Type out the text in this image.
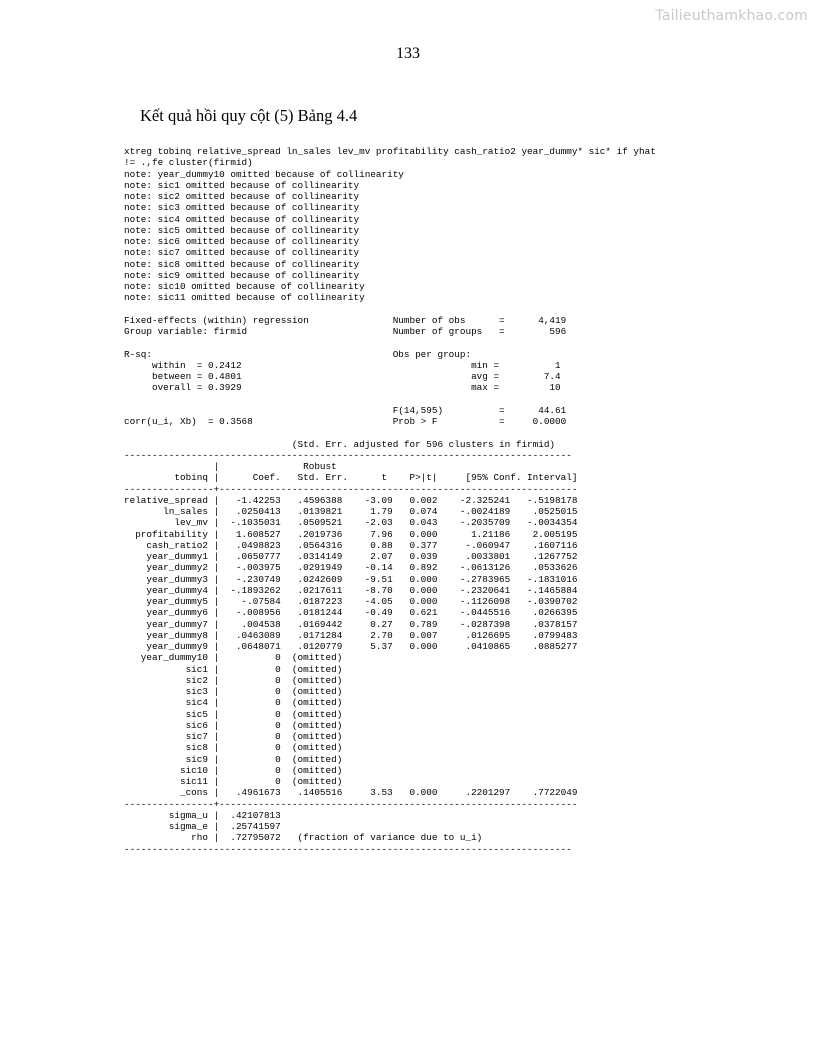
Tailieuthamkhao.com
133
Kết quả hồi quy cột (5) Bảng 4.4
xtreg tobinq relative_spread ln_sales lev_mv profitability cash_ratio2 year_dummy* sic* if yhat
!= .,fe cluster(firmid)
note: year_dummy10 omitted because of collinearity
note: sic1 omitted because of collinearity
note: sic2 omitted because of collinearity
note: sic3 omitted because of collinearity
note: sic4 omitted because of collinearity
note: sic5 omitted because of collinearity
note: sic6 omitted because of collinearity
note: sic7 omitted because of collinearity
note: sic8 omitted because of collinearity
note: sic9 omitted because of collinearity
note: sic10 omitted because of collinearity
note: sic11 omitted because of collinearity

Fixed-effects (within) regression               Number of obs      =      4,419
Group variable: firmid                          Number of groups   =        596

R-sq:                                           Obs per group:
within  = 0.2412                                         min =          1
between = 0.4801                                         avg =        7.4
overall = 0.3929                                         max =         10

F(14,595)          =      44.61
corr(u_i, Xb)  = 0.3568                         Prob > F           =     0.0000

(Std. Err. adjusted for 596 clusters in firmid)
--------------------------------------------------------------------------------
|               Robust
tobinq |      Coef.   Std. Err.      t    P>|t|     [95% Conf. Interval]
----------------+----------------------------------------------------------------
relative_spread |   -1.42253   .4596388    -3.09   0.002    -2.325241   -.5198178
ln_sales |   .0250413   .0139821     1.79   0.074    -.0024189    .0525015
lev_mv |  -.1035031   .0509521    -2.03   0.043    -.2035709   -.0034354
profitability |   1.608527   .2019736     7.96   0.000      1.21186    2.005195
cash_ratio2 |   .0498823   .0564316     0.88   0.377     -.060947    .1607116
year_dummy1 |   .0650777   .0314149     2.07   0.039     .0033801    .1267752
year_dummy2 |   -.003975   .0291949    -0.14   0.892    -.0613126    .0533626
year_dummy3 |   -.230749   .0242609    -9.51   0.000    -.2783965   -.1831016
year_dummy4 |  -.1893262   .0217611    -8.70   0.000    -.2320641   -.1465884
year_dummy5 |    -.07584   .0187223    -4.05   0.000    -.1126098   -.0390702
year_dummy6 |   -.008956   .0181244    -0.49   0.621    -.0445516    .0266395
year_dummy7 |    .004538   .0169442     0.27   0.789    -.0287398    .0378157
year_dummy8 |   .0463089   .0171284     2.70   0.007     .0126695    .0799483
year_dummy9 |   .0648071   .0120779     5.37   0.000     .0410865    .0885277
year_dummy10 |          0  (omitted)
sic1 |          0  (omitted)
sic2 |          0  (omitted)
sic3 |          0  (omitted)
sic4 |          0  (omitted)
sic5 |          0  (omitted)
sic6 |          0  (omitted)
sic7 |          0  (omitted)
sic8 |          0  (omitted)
sic9 |          0  (omitted)
sic10 |          0  (omitted)
sic11 |          0  (omitted)
_cons |   .4961673   .1405516     3.53   0.000     .2201297    .7722049
----------------+----------------------------------------------------------------
sigma_u |  .42107813
sigma_e |  .25741597
rho |  .72795072   (fraction of variance due to u_i)
--------------------------------------------------------------------------------
